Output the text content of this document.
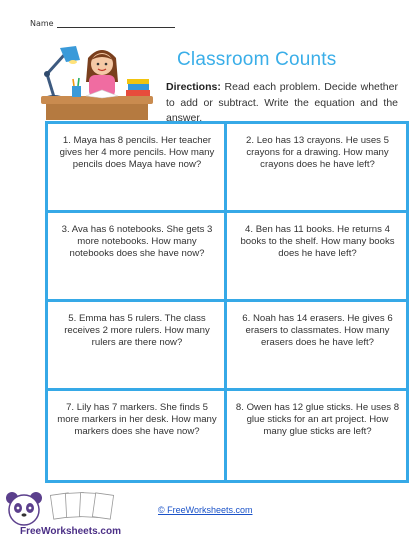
Name
Classroom Counts
Directions: Read each problem. Decide whether to add or subtract. Write the equation and the answer.
1. Maya has 8 pencils. Her teacher gives her 4 more pencils. How many pencils does Maya have now?
2. Leo has 13 crayons. He uses 5 crayons for a drawing. How many crayons does he have left?
3. Ava has 6 notebooks. She gets 3 more notebooks. How many notebooks does she have now?
4. Ben has 11 books. He returns 4 books to the shelf. How many books does he have left?
5. Emma has 5 rulers. The class receives 2 more rulers. How many rulers are there now?
6. Noah has 14 erasers. He gives 6 erasers to classmates. How many erasers does he have left?
7. Lily has 7 markers. She finds 5 more markers in her desk. How many markers does she have now?
8. Owen has 12 glue sticks. He uses 8 glue sticks for an art project. How many glue sticks are left?
FreeWorksheets.com
© FreeWorksheets.com
